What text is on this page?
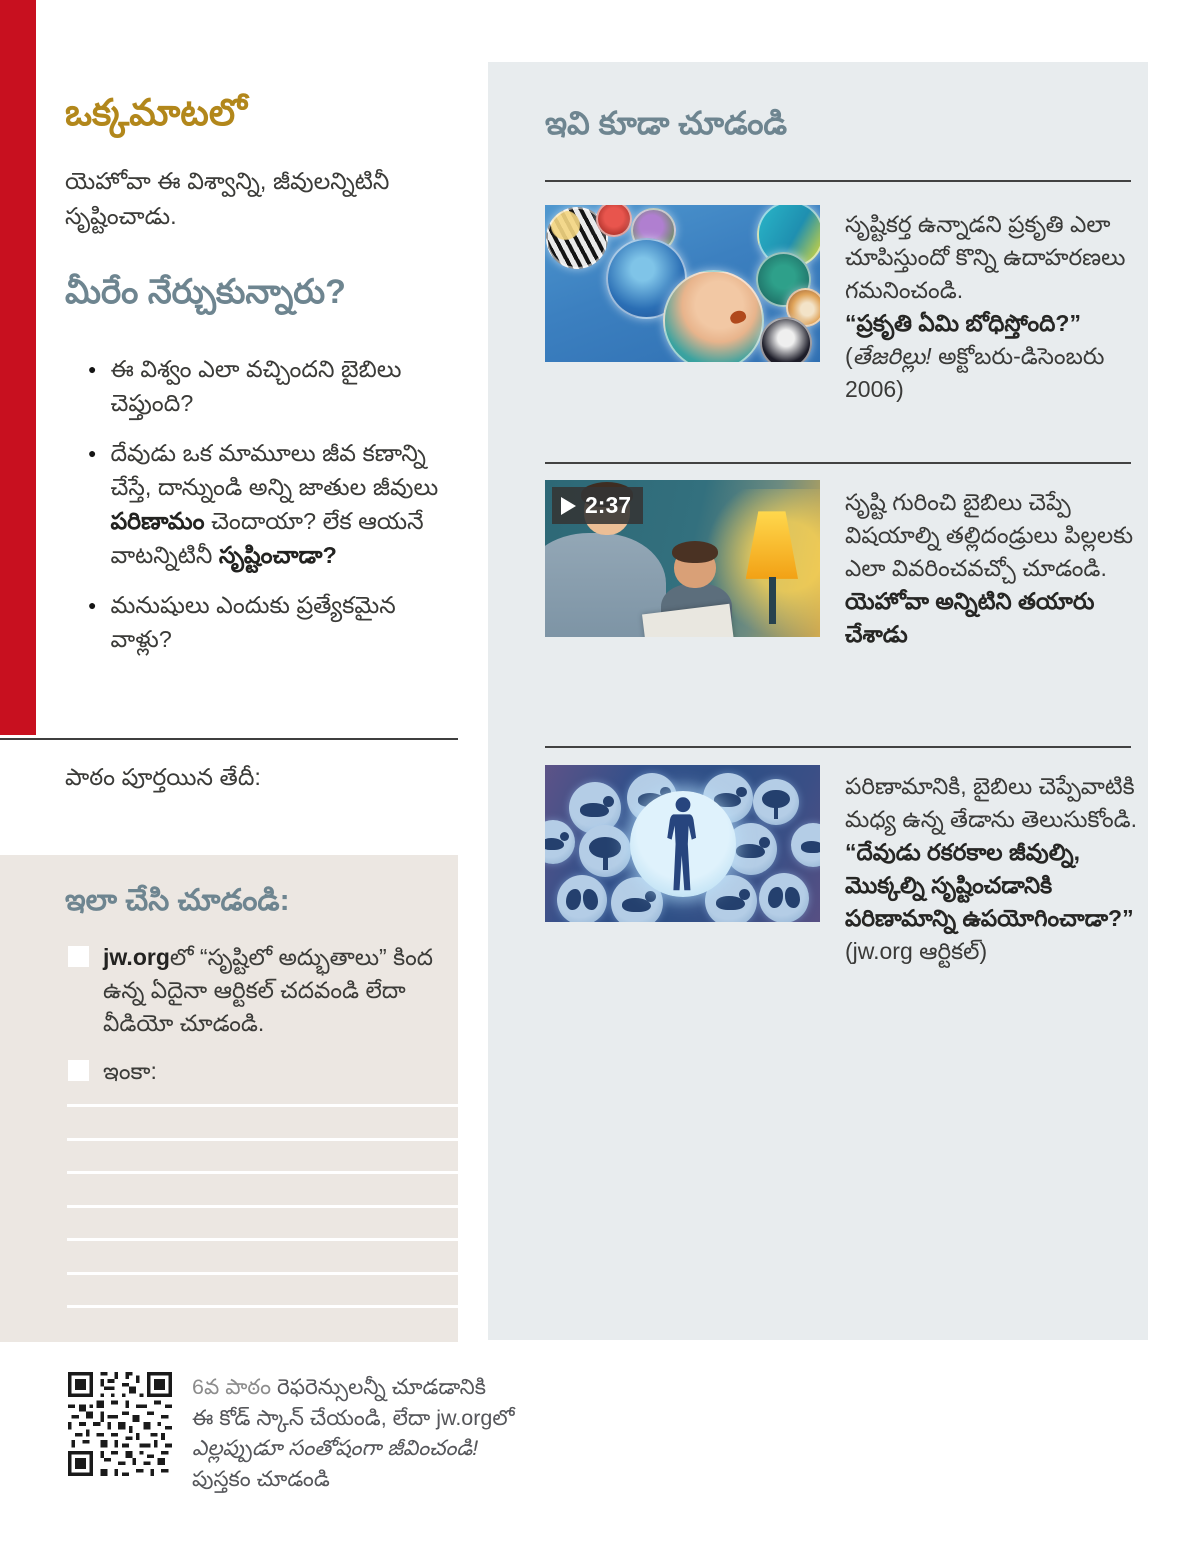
ఒక్కమాటలో

యెహోవా ఈ విశ్వాన్ని, జీవులన్నిటినీ సృష్టించాడు.

మీరేం నేర్చుకున్నారు?
● ఈ విశ్వం ఎలా వచ్చిందని బైబిలు చెప్తుంది?
● దేవుడు ఒక మామూలు జీవ కణాన్ని చేస్తే, దాన్నుండి అన్ని జాతుల జీవులు పరిణామం చెందాయా? లేక ఆయనే వాటన్నిటినీ సృష్టించాడా?
● మనుషులు ఎందుకు ప్రత్యేకమైన వాళ్లు?

పాఠం పూర్తయిన తేదీ:

ఇలా చేసి చూడండి:
jw.orgలో “సృష్టిలో అద్భుతాలు” కింద ఉన్న ఏదైనా ఆర్టికల్ చదవండి లేదా వీడియో చూడండి.
ఇంకా:

6వ పాఠం రెఫరెన్సులన్నీ చూడడానికి

ఈ కోడ్ స్కాన్ చేయండి, లేదా jw.orgలో

ఎల్లప్పుడూ సంతోషంగా జీవించండి!

పుస్తకం చూడండి

ఇవి కూడా చూడండి

సృష్టికర్త ఉన్నాడని ప్రకృతి ఎలా చూపిస్తుందో కొన్ని ఉదాహరణలు గమనించండి.

“ప్రకృతి ఏమి బోధిస్తోంది?”

(తేజరిల్లు! అక్టోబరు-డిసెంబరు 2006)

2:37	సృష్టి గురించి బైబిలు చెప్పే విషయాల్ని తల్లిదండ్రులు పిల్లలకు ఎలా వివరించవచ్చో చూడండి.

యెహోవా అన్నిటిని తయారు చేశాడు

పరిణామానికి, బైబిలు చెప్పేవాటికి మధ్య ఉన్న తేడాను తెలుసుకోండి.

“దేవుడు రకరకాల జీవుల్ని, మొక్కల్ని సృష్టించడానికి పరిణామాన్ని ఉపయోగించాడా?” (jw.org ఆర్టికల్)
